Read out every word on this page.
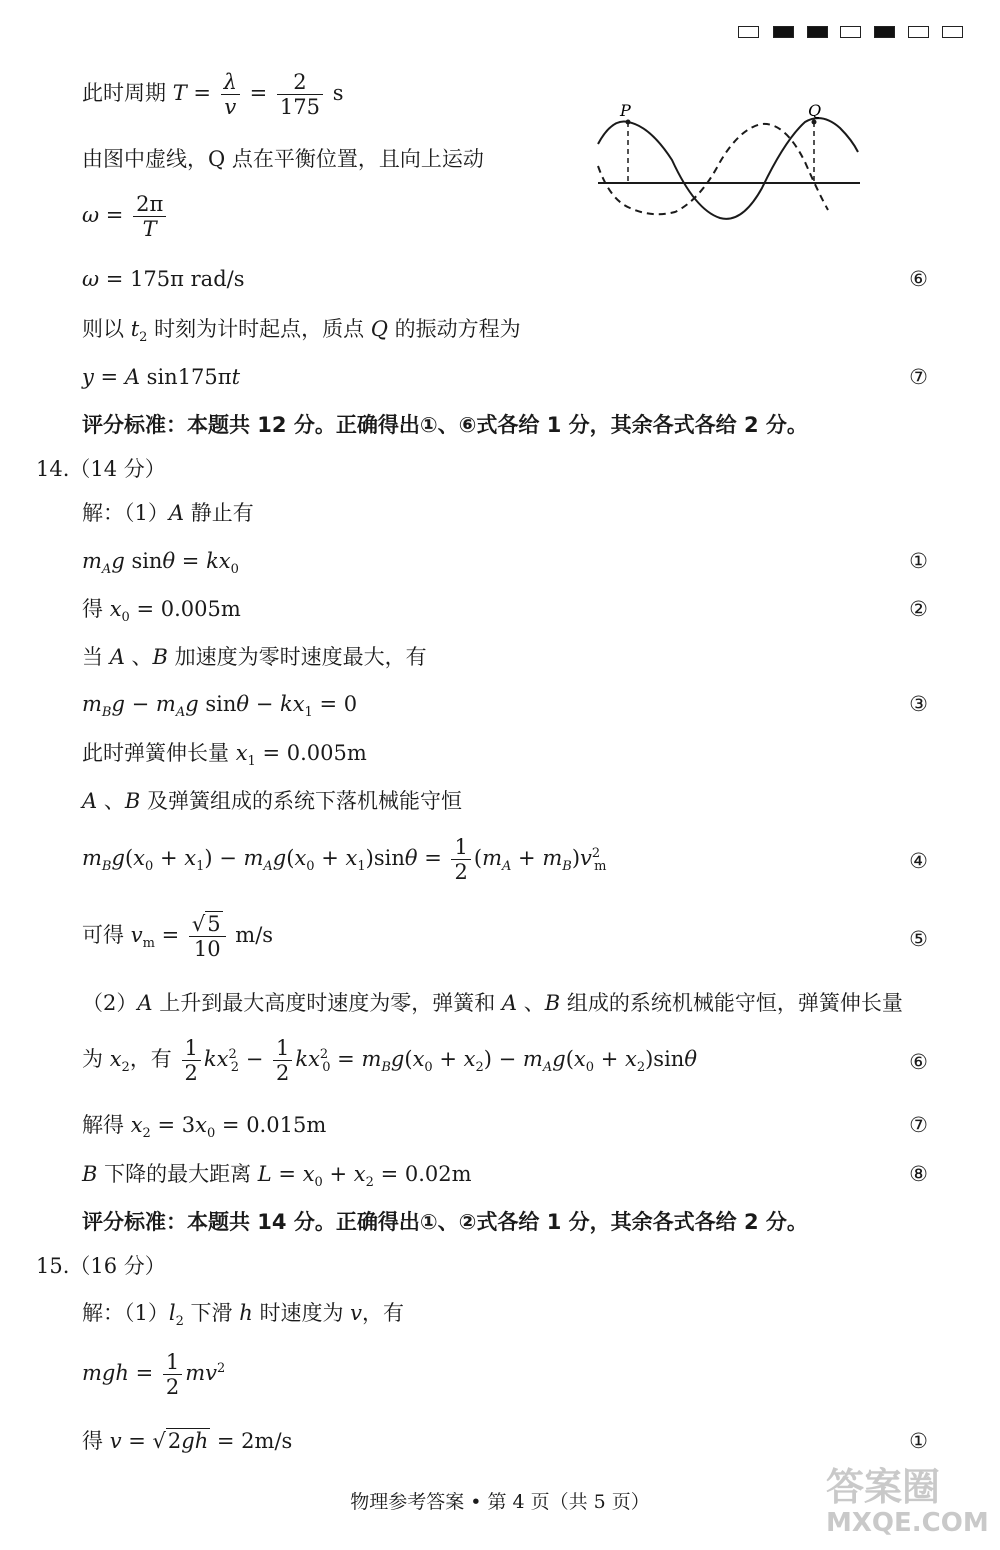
此时周期 $T = \frac{\lambda}{v} = \frac{2}{175}$ s
由图中虚线，Q 点在平衡位置，且向上运动
$\omega = \frac{2\pi}{T}$
ω = 175π rad/s	⑥
则以 $t_2$ 时刻为计时起点，质点 Q 的振动方程为
y = A sin175πt	⑦
评分标准：本题共 12 分。正确得出①、⑥式各给 1 分，其余各式各给 2 分。
P	Q
14.（14 分）
解：（1）A 静止有
$m_Ag$ $\sin\theta = kx_0$	①
得 $x_0 = 0.005m$	②
当 A 、B 加速度为零时速度最大，有
$m_Bg - m_Ag$ $\sin\theta - kx_1 = 0$	③
此时弹簧伸长量 $x_1 = 0.005m$
A 、B 及弹簧组成的系统下落机械能守恒
$m_Bg(x_0 + x_1) - m_Ag(x_0 + x_1)\sin\theta = \frac{1}{2} (m_A + m_B)v^2_m$	④
可得 $v_m = \frac{√5}{10} m/s$	⑤
（2）A 上升到最大高度时速度为零，弹簧和 A 、B 组成的系统机械能守恒，弹簧伸长量
为 $x_2$，有 $\frac{1}{2} kx^2_2 - \frac{1}{2} kx^2_0 = m_Bg(x_0 + x_2) - m_Ag(x_0 + x_2)\sin\theta$	⑥
解得 $x_2 = 3x_0 = 0.015m$	⑦
B 下降的最大距离 $L = x_0 + x_2 = 0.02m$	⑧
评分标准：本题共 14 分。正确得出①、②式各给 1 分，其余各式各给 2 分。
15.（16 分）
解：$(1)l_2$ 下滑 h 时速度为 v，有
mgh = $\frac{1}{2} mv^2$
得 v = √2gh = 2m/s	①
物理参考答案 • 第 4 页（共 5 页）	答案圈
MXQE.COM
